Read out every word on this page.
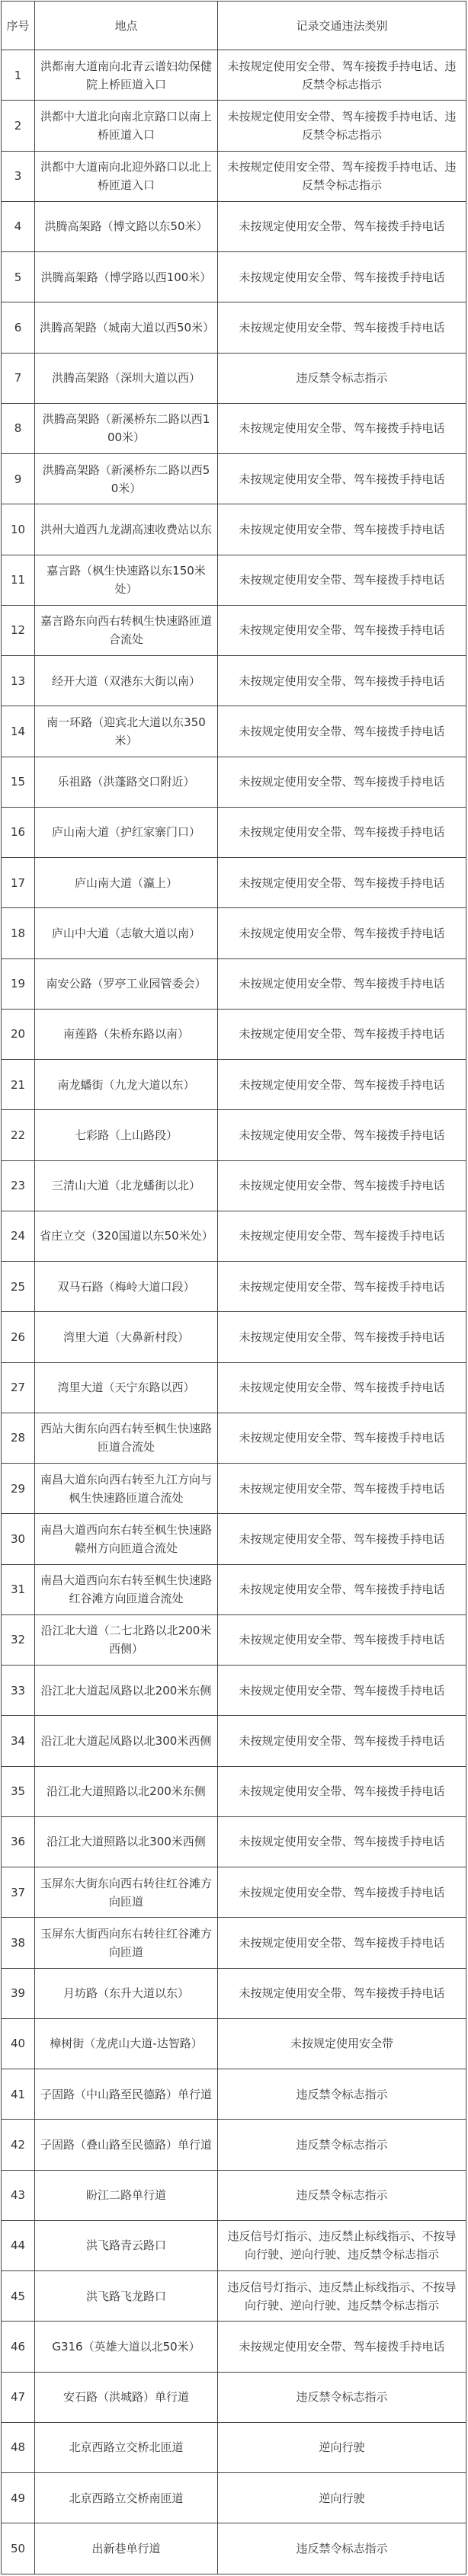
序号	地点	记录交通违法类别
1	洪都南大道南向北青云谱妇幼保健院上桥匝道入口	未按规定使用安全带、驾车接拨手持电话、违反禁令标志指示
2	洪都中大道北向南北京路口以南上桥匝道入口	未按规定使用安全带、驾车接拨手持电话、违反禁令标志指示
3	洪都中大道南向北迎外路口以北上桥匝道入口	未按规定使用安全带、驾车接拨手持电话、违反禁令标志指示
4	洪腾高架路（博文路以东50米）	未按规定使用安全带、驾车接拨手持电话
5	洪腾高架路（博学路以西100米）	未按规定使用安全带、驾车接拨手持电话
6	洪腾高架路（城南大道以西50米）	未按规定使用安全带、驾车接拨手持电话
7	洪腾高架路（深圳大道以西）	违反禁令标志指示
8	洪腾高架路（新溪桥东二路以西100米）	未按规定使用安全带、驾车接拨手持电话
9	洪腾高架路（新溪桥东二路以西50米）	未按规定使用安全带、驾车接拨手持电话
10	洪州大道西九龙湖高速收费站以东	未按规定使用安全带、驾车接拨手持电话
11	嘉言路（枫生快速路以东150米处）	未按规定使用安全带、驾车接拨手持电话
12	嘉言路东向西右转枫生快速路匝道合流处	未按规定使用安全带、驾车接拨手持电话
13	经开大道（双港东大街以南）	未按规定使用安全带、驾车接拨手持电话
14	南一环路（迎宾北大道以东350米）	未按规定使用安全带、驾车接拨手持电话
15	乐祖路（洪蓬路交口附近）	未按规定使用安全带、驾车接拨手持电话
16	庐山南大道（护红家寨门口）	未按规定使用安全带、驾车接拨手持电话
17	庐山南大道（瀛上）	未按规定使用安全带、驾车接拨手持电话
18	庐山中大道（志敏大道以南）	未按规定使用安全带、驾车接拨手持电话
19	南安公路（罗亭工业园管委会）	未按规定使用安全带、驾车接拨手持电话
20	南莲路（朱桥东路以南）	未按规定使用安全带、驾车接拨手持电话
21	南龙蟠街（九龙大道以东）	未按规定使用安全带、驾车接拨手持电话
22	七彩路（上山路段）	未按规定使用安全带、驾车接拨手持电话
23	三清山大道（北龙蟠街以北）	未按规定使用安全带、驾车接拨手持电话
24	省庄立交（320国道以东50米处）	未按规定使用安全带、驾车接拨手持电话
25	双马石路（梅岭大道口段）	未按规定使用安全带、驾车接拨手持电话
26	湾里大道（大鼻新村段）	未按规定使用安全带、驾车接拨手持电话
27	湾里大道（天宁东路以西）	未按规定使用安全带、驾车接拨手持电话
28	西站大街东向西右转至枫生快速路匝道合流处	未按规定使用安全带、驾车接拨手持电话
29	南昌大道东向西右转至九江方向与枫生快速路匝道合流处	未按规定使用安全带、驾车接拨手持电话
30	南昌大道西向东右转至枫生快速路赣州方向匝道合流处	未按规定使用安全带、驾车接拨手持电话
31	南昌大道西向东右转至枫生快速路红谷滩方向匝道合流处	未按规定使用安全带、驾车接拨手持电话
32	沿江北大道（二七北路以北200米西侧）	未按规定使用安全带、驾车接拨手持电话
33	沿江北大道起凤路以北200米东侧	未按规定使用安全带、驾车接拨手持电话
34	沿江北大道起凤路以北300米西侧	未按规定使用安全带、驾车接拨手持电话
35	沿江北大道照路以北200米东侧	未按规定使用安全带、驾车接拨手持电话
36	沿江北大道照路以北300米西侧	未按规定使用安全带、驾车接拨手持电话
37	玉屏东大街东向西右转往红谷滩方向匝道	未按规定使用安全带、驾车接拨手持电话
38	玉屏东大街西向东右转往红谷滩方向匝道	未按规定使用安全带、驾车接拨手持电话
39	月坊路（东升大道以东）	未按规定使用安全带、驾车接拨手持电话
40	樟树街（龙虎山大道-达智路）	未按规定使用安全带
41	子固路（中山路至民德路）单行道	违反禁令标志指示
42	子固路（叠山路至民德路）单行道	违反禁令标志指示
43	盼江二路单行道	违反禁令标志指示
44	洪飞路青云路口	违反信号灯指示、违反禁止标线指示、不按导向行驶、逆向行驶、违反禁令标志指示
45	洪飞路飞龙路口	违反信号灯指示、违反禁止标线指示、不按导向行驶、逆向行驶、违反禁令标志指示
46	G316（英雄大道以北50米）	未按规定使用安全带、驾车接拨手持电话
47	安石路（洪城路）单行道	违反禁令标志指示
48	北京西路立交桥北匝道	逆向行驶
49	北京西路立交桥南匝道	逆向行驶
50	出新巷单行道	违反禁令标志指示
